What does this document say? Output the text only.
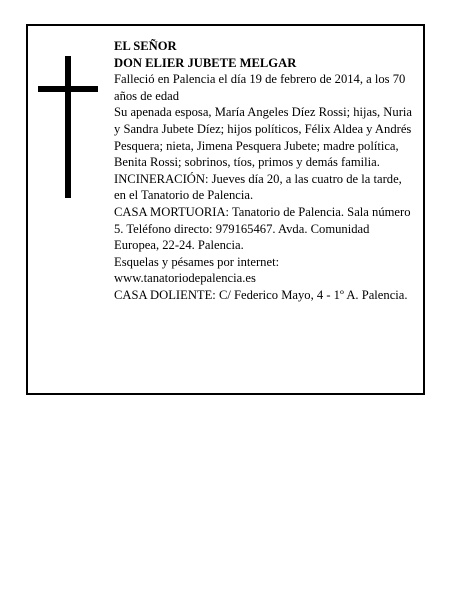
EL SEÑOR

DON ELIER JUBETE MELGAR

Falleció en Palencia el día 19 de febrero de 2014, a los 70 años de edad

Su apenada esposa, María Angeles Díez Rossi; hijas, Nuria y Sandra Jubete Díez; hijos políticos, Félix Aldea y Andrés Pesquera; nieta, Jimena Pesquera Jubete; madre política, Benita Rossi; sobrinos, tíos, primos y demás familia.

INCINERACIÓN: Jueves día 20, a las cuatro de la tarde, en el Tanatorio de Palencia.

CASA MORTUORIA: Tanatorio de Palencia. Sala número 5. Teléfono directo: 979165467. Avda. Comunidad Europea, 22-24. Palencia.

Esquelas y pésames por internet:

www.tanatoriodepalencia.es

CASA DOLIENTE: C/ Federico Mayo, 4 - 1º A. Palencia.
